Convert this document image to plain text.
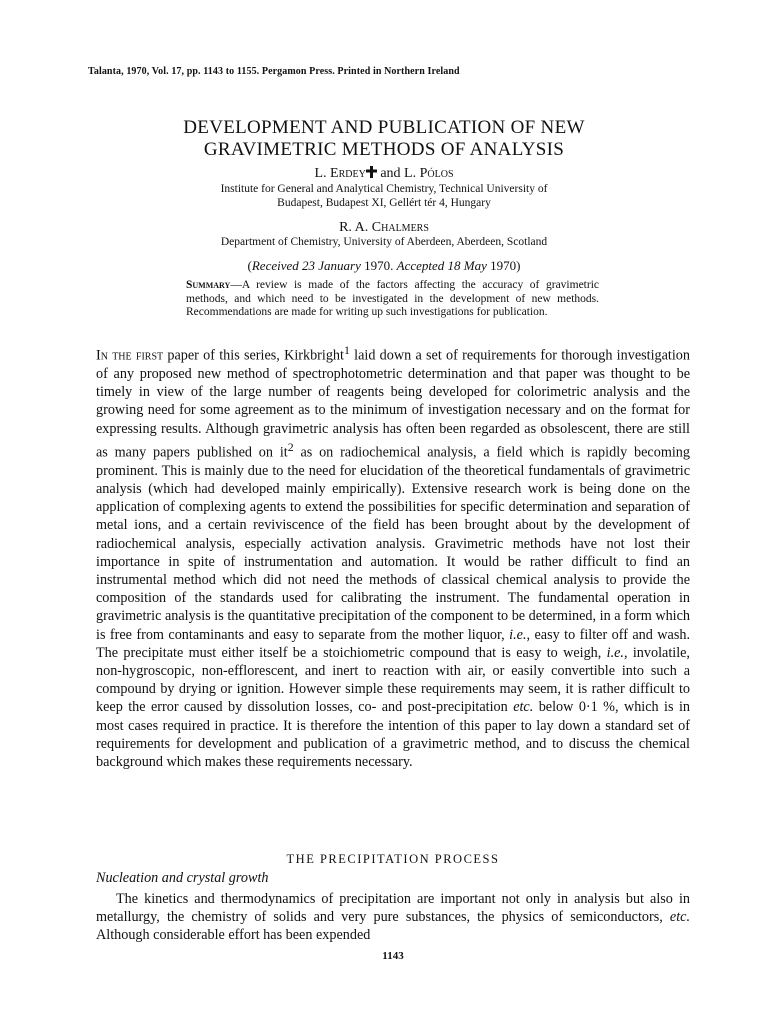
Talanta, 1970, Vol. 17, pp. 1143 to 1155. Pergamon Press. Printed in Northern Ireland
DEVELOPMENT AND PUBLICATION OF NEW
GRAVIMETRIC METHODS OF ANALYSIS
L. Erdey and L. Pólos
Institute for General and Analytical Chemistry, Technical University of
Budapest, Budapest XI, Gellért tér 4, Hungary
R. A. Chalmers
Department of Chemistry, University of Aberdeen, Aberdeen, Scotland
(Received 23 January 1970. Accepted 18 May 1970)
Summary—A review is made of the factors affecting the accuracy of gravimetric methods, and which need to be investigated in the development of new methods. Recommendations are made for writing up such investigations for publication.

In the first paper of this series, Kirkbright$^1$ laid down a set of requirements for thorough investigation of any proposed new method of spectrophotometric determination and that paper was thought to be timely in view of the large number of reagents being developed for colorimetric analysis and the growing need for some agreement as to the minimum of investigation necessary and on the format for expressing results. Although gravimetric analysis has often been regarded as obsolescent, there are still as many papers published on $it^2$ as on radiochemical analysis, a field which is rapidly becoming prominent. This is mainly due to the need for elucidation of the theoretical fundamentals of gravimetric analysis (which had developed mainly empirically). Extensive research work is being done on the application of complexing agents to extend the possibilities for specific determination and separation of metal ions, and a certain reviviscence of the field has been brought about by the development of radiochemical analysis, especially activation analysis. Gravimetric methods have not lost their importance in spite of instrumentation and automation. It would be rather difficult to find an instrumental method which did not need the methods of classical chemical analysis to provide the composition of the standards used for calibrating the instrument. The fundamental operation in gravimetric analysis is the quantitative precipitation of the component to be determined, in a form which is free from contaminants and easy to separate from the mother liquor, i.e., easy to filter off and wash. The precipitate must either itself be a stoichiometric compound that is easy to weigh, i.e., involatile, non-hygroscopic, non-efflorescent, and inert to reaction with air, or easily convertible into such a compound by drying or ignition. However simple these requirements may seem, it is rather difficult to keep the error caused by dissolution losses, co- and post-precipitation etc. below 0·1 %, which is in most cases required in practice. It is therefore the intention of this paper to lay down a standard set of requirements for development and publication of a gravimetric method, and to discuss the chemical background which makes these requirements necessary.

THE PRECIPITATION PROCESS
Nucleation and crystal growth

The kinetics and thermodynamics of precipitation are important not only in analysis but also in metallurgy, the chemistry of solids and very pure substances, the physics of semiconductors, etc. Although considerable effort has been expended

1143
